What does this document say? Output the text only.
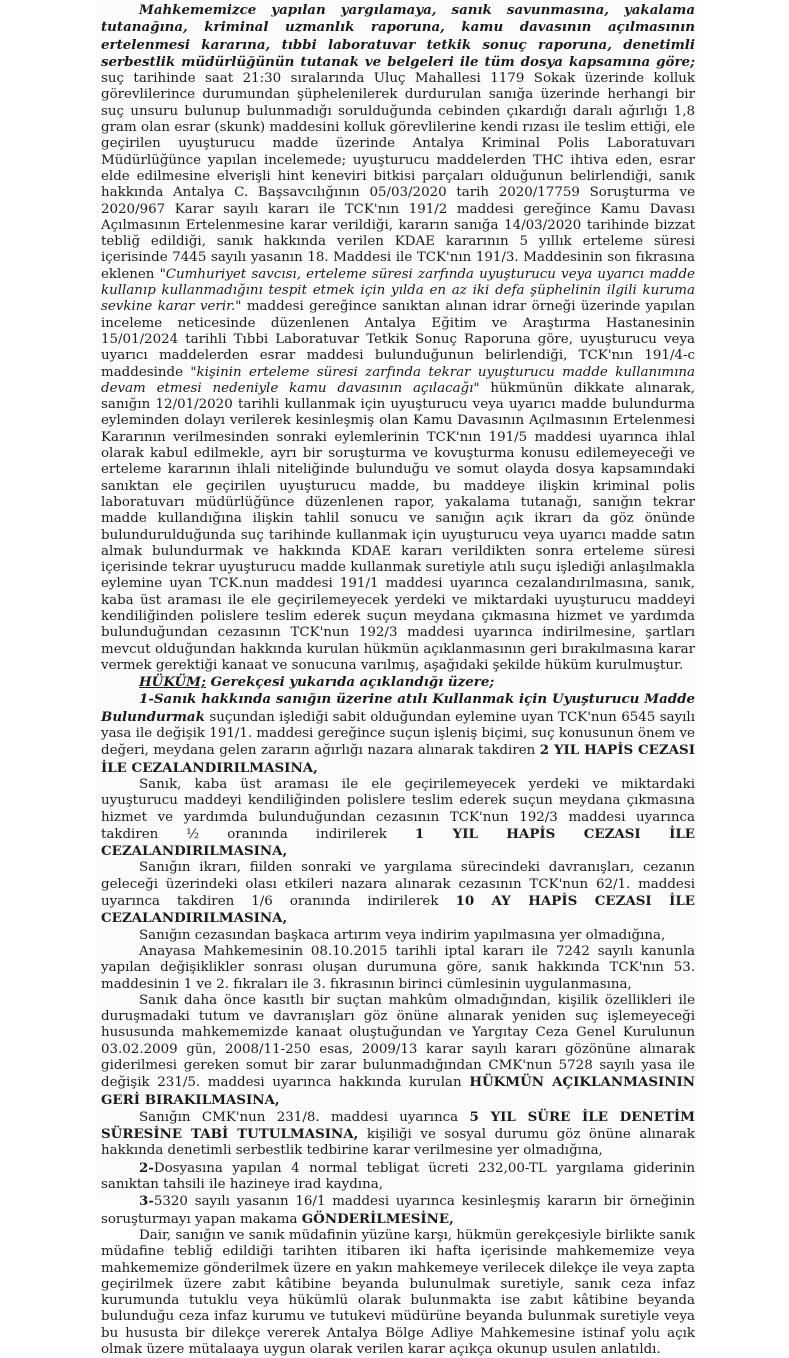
Mahkememizce yapılan yargılamaya, sanık savunmasına, yakalama tutanağına, kriminal uzmanlık raporuna, kamu davasının açılmasının ertelenmesi kararına, tıbbi laboratuvar tetkik sonuç raporuna, denetimli serbestlik müdürlüğünün tutanak ve belgeleri ile tüm dosya kapsamına göre; suç tarihinde saat 21:30 sıralarında Uluç Mahallesi 1179 Sokak üzerinde kolluk görevlilerince durumundan şüphelenilerek durdurulan sanığa üzerinde herhangi bir suç unsuru bulunup bulunmadığı sorulduğunda cebinden çıkardığı daralı ağırlığı 1,8 gram olan esrar (skunk) maddesini kolluk görevlilerine kendi rızası ile teslim ettiği, ele geçirilen uyuşturucu madde üzerinde Antalya Kriminal Polis Laboratuvarı Müdürlüğünce yapılan incelemede; uyuşturucu maddelerden THC ihtiva eden, esrar elde edilmesine elverişli hint keneviri bitkisi parçaları olduğunun belirlendiği, sanık hakkında Antalya C. Başsavcılığının 05/03/2020 tarih 2020/17759 Soruşturma ve 2020/967 Karar sayılı kararı ile TCK'nın 191/2 maddesi gereğince Kamu Davası Açılmasının Ertelenmesine karar verildiği, kararın sanığa 14/03/2020 tarihinde bizzat tebliğ edildiği, sanık hakkında verilen KDAE kararının 5 yıllık erteleme süresi içerisinde 7445 sayılı yasanın 18. Maddesi ile TCK'nın 191/3. Maddesinin son fıkrasına eklenen "Cumhuriyet savcısı, erteleme süresi zarfında uyuşturucu veya uyarıcı madde kullanıp kullanmadığını tespit etmek için yılda en az iki defa şüphelinin ilgili kuruma sevkine karar verir." maddesi gereğince sanıktan alınan idrar örneği üzerinde yapılan inceleme neticesinde düzenlenen Antalya Eğitim ve Araştırma Hastanesinin 15/01/2024 tarihli Tıbbi Laboratuvar Tetkik Sonuç Raporuna göre, uyuşturucu veya uyarıcı maddelerden esrar maddesi bulunduğunun belirlendiği, TCK'nın 191/4-c maddesinde "kişinin erteleme süresi zarfında tekrar uyuşturucu madde kullanımına devam etmesi nedeniyle kamu davasının açılacağı" hükmünün dikkate alınarak, sanığın 12/01/2020 tarihli kullanmak için uyuşturucu veya uyarıcı madde bulundurma eyleminden dolayı verilerek kesinleşmiş olan Kamu Davasının Açılmasının Ertelenmesi Kararının verilmesinden sonraki eylemlerinin TCK'nın 191/5 maddesi uyarınca ihlal olarak kabul edilmekle, ayrı bir soruşturma ve kovuşturma konusu edilemeyeceği ve erteleme kararının ihlali niteliğinde bulunduğu ve somut olayda dosya kapsamındaki sanıktan ele geçirilen uyuşturucu madde, bu maddeye ilişkin kriminal polis laboratuvarı müdürlüğünce düzenlenen rapor, yakalama tutanağı, sanığın tekrar madde kullandığına ilişkin tahlil sonucu ve sanığın açık ikrarı da göz önünde bulundurulduğunda suç tarihinde kullanmak için uyuşturucu veya uyarıcı madde satın almak bulundurmak ve hakkında KDAE kararı verildikten sonra erteleme süresi içerisinde tekrar uyuşturucu madde kullanmak suretiyle atılı suçu işlediği anlaşılmakla eylemine uyan TCK.nun maddesi 191/1 maddesi uyarınca cezalandırılmasına, sanık, kaba üst araması ile ele geçirilemeyecek yerdeki ve miktardaki uyuşturucu maddeyi kendiliğinden polislere teslim ederek suçun meydana çıkmasına hizmet ve yardımda bulunduğundan cezasının TCK'nun 192/3 maddesi uyarınca indirilmesine, şartları mevcut olduğundan hakkında kurulan hükmün açıklanmasının geri bırakılmasına karar vermek gerektiği kanaat ve sonucuna varılmış, aşağıdaki şekilde hüküm kurulmuştur.

HÜKÜM; Gerekçesi yukarıda açıklandığı üzere;

1-Sanık hakkında sanığın üzerine atılı Kullanmak için Uyuşturucu Madde Bulundurmak suçundan işlediği sabit olduğundan eylemine uyan TCK'nun 6545 sayılı yasa ile değişik 191/1. maddesi gereğince suçun işleniş biçimi, suç konusunun önem ve değeri, meydana gelen zararın ağırlığı nazara alınarak takdiren 2 YIL HAPİS CEZASI İLE CEZALANDIRILMASINA,

Sanık, kaba üst araması ile ele geçirilemeyecek yerdeki ve miktardaki uyuşturucu maddeyi kendiliğinden polislere teslim ederek suçun meydana çıkmasına hizmet ve yardımda bulunduğundan cezasının TCK'nun 192/3 maddesi uyarınca takdiren ½ oranında indirilerek 1 YIL HAPİS CEZASI İLE CEZALANDIRILMASINA,

Sanığın ikrarı, fiilden sonraki ve yargılama sürecindeki davranışları, cezanın geleceği üzerindeki olası etkileri nazara alınarak cezasının TCK'nun 62/1. maddesi uyarınca takdiren 1/6 oranında indirilerek 10 AY HAPİS CEZASI İLE CEZALANDIRILMASINA,

Sanığın cezasından başkaca artırım veya indirim yapılmasına yer olmadığına,

Anayasa Mahkemesinin 08.10.2015 tarihli iptal kararı ile 7242 sayılı kanunla yapılan değişiklikler sonrası oluşan durumuna göre, sanık hakkında TCK'nın 53. maddesinin 1 ve 2. fıkraları ile 3. fıkrasının birinci cümlesinin uygulanmasına,

Sanık daha önce kasıtlı bir suçtan mahkûm olmadığından, kişilik özellikleri ile duruşmadaki tutum ve davranışları göz önüne alınarak yeniden suç işlemeyeceği hususunda mahkememizde kanaat oluştuğundan ve Yargıtay Ceza Genel Kurulunun 03.02.2009 gün, 2008/11-250 esas, 2009/13 karar sayılı kararı gözönüne alınarak giderilmesi gereken somut bir zarar bulunmadığından CMK'nun 5728 sayılı yasa ile değişik 231/5. maddesi uyarınca hakkında kurulan HÜKMÜN AÇIKLANMASININ GERİ BIRAKILMASINA,

Sanığın CMK'nun 231/8. maddesi uyarınca 5 YIL SÜRE İLE DENETİM SÜRESİNE TABİ TUTULMASINA, kişiliği ve sosyal durumu göz önüne alınarak hakkında denetimli serbestlik tedbirine karar verilmesine yer olmadığına,

2-Dosyasına yapılan 4 normal tebligat ücreti 232,00-TL yargılama giderinin sanıktan tahsili ile hazineye irad kaydına,

3-5320 sayılı yasanın 16/1 maddesi uyarınca kesinleşmiş kararın bir örneğinin soruşturmayı yapan makama GÖNDERİLMESİNE,

Dair, sanığın ve sanık müdafinin yüzüne karşı, hükmün gerekçesiyle birlikte sanık müdafine tebliğ edildiği tarihten itibaren iki hafta içerisinde mahkememize veya mahkememize gönderilmek üzere en yakın mahkemeye verilecek dilekçe ile veya zapta geçirilmek üzere zabıt kâtibine beyanda bulunulmak suretiyle, sanık ceza infaz kurumunda tutuklu veya hükümlü olarak bulunmakta ise zabıt kâtibine beyanda bulunduğu ceza infaz kurumu ve tutukevi müdürüne beyanda bulunmak suretiyle veya bu hususta bir dilekçe vererek Antalya Bölge Adliye Mahkemesine istinaf yolu açık olmak üzere mütalaaya uygun olarak verilen karar açıkça okunup usulen anlatıldı.
